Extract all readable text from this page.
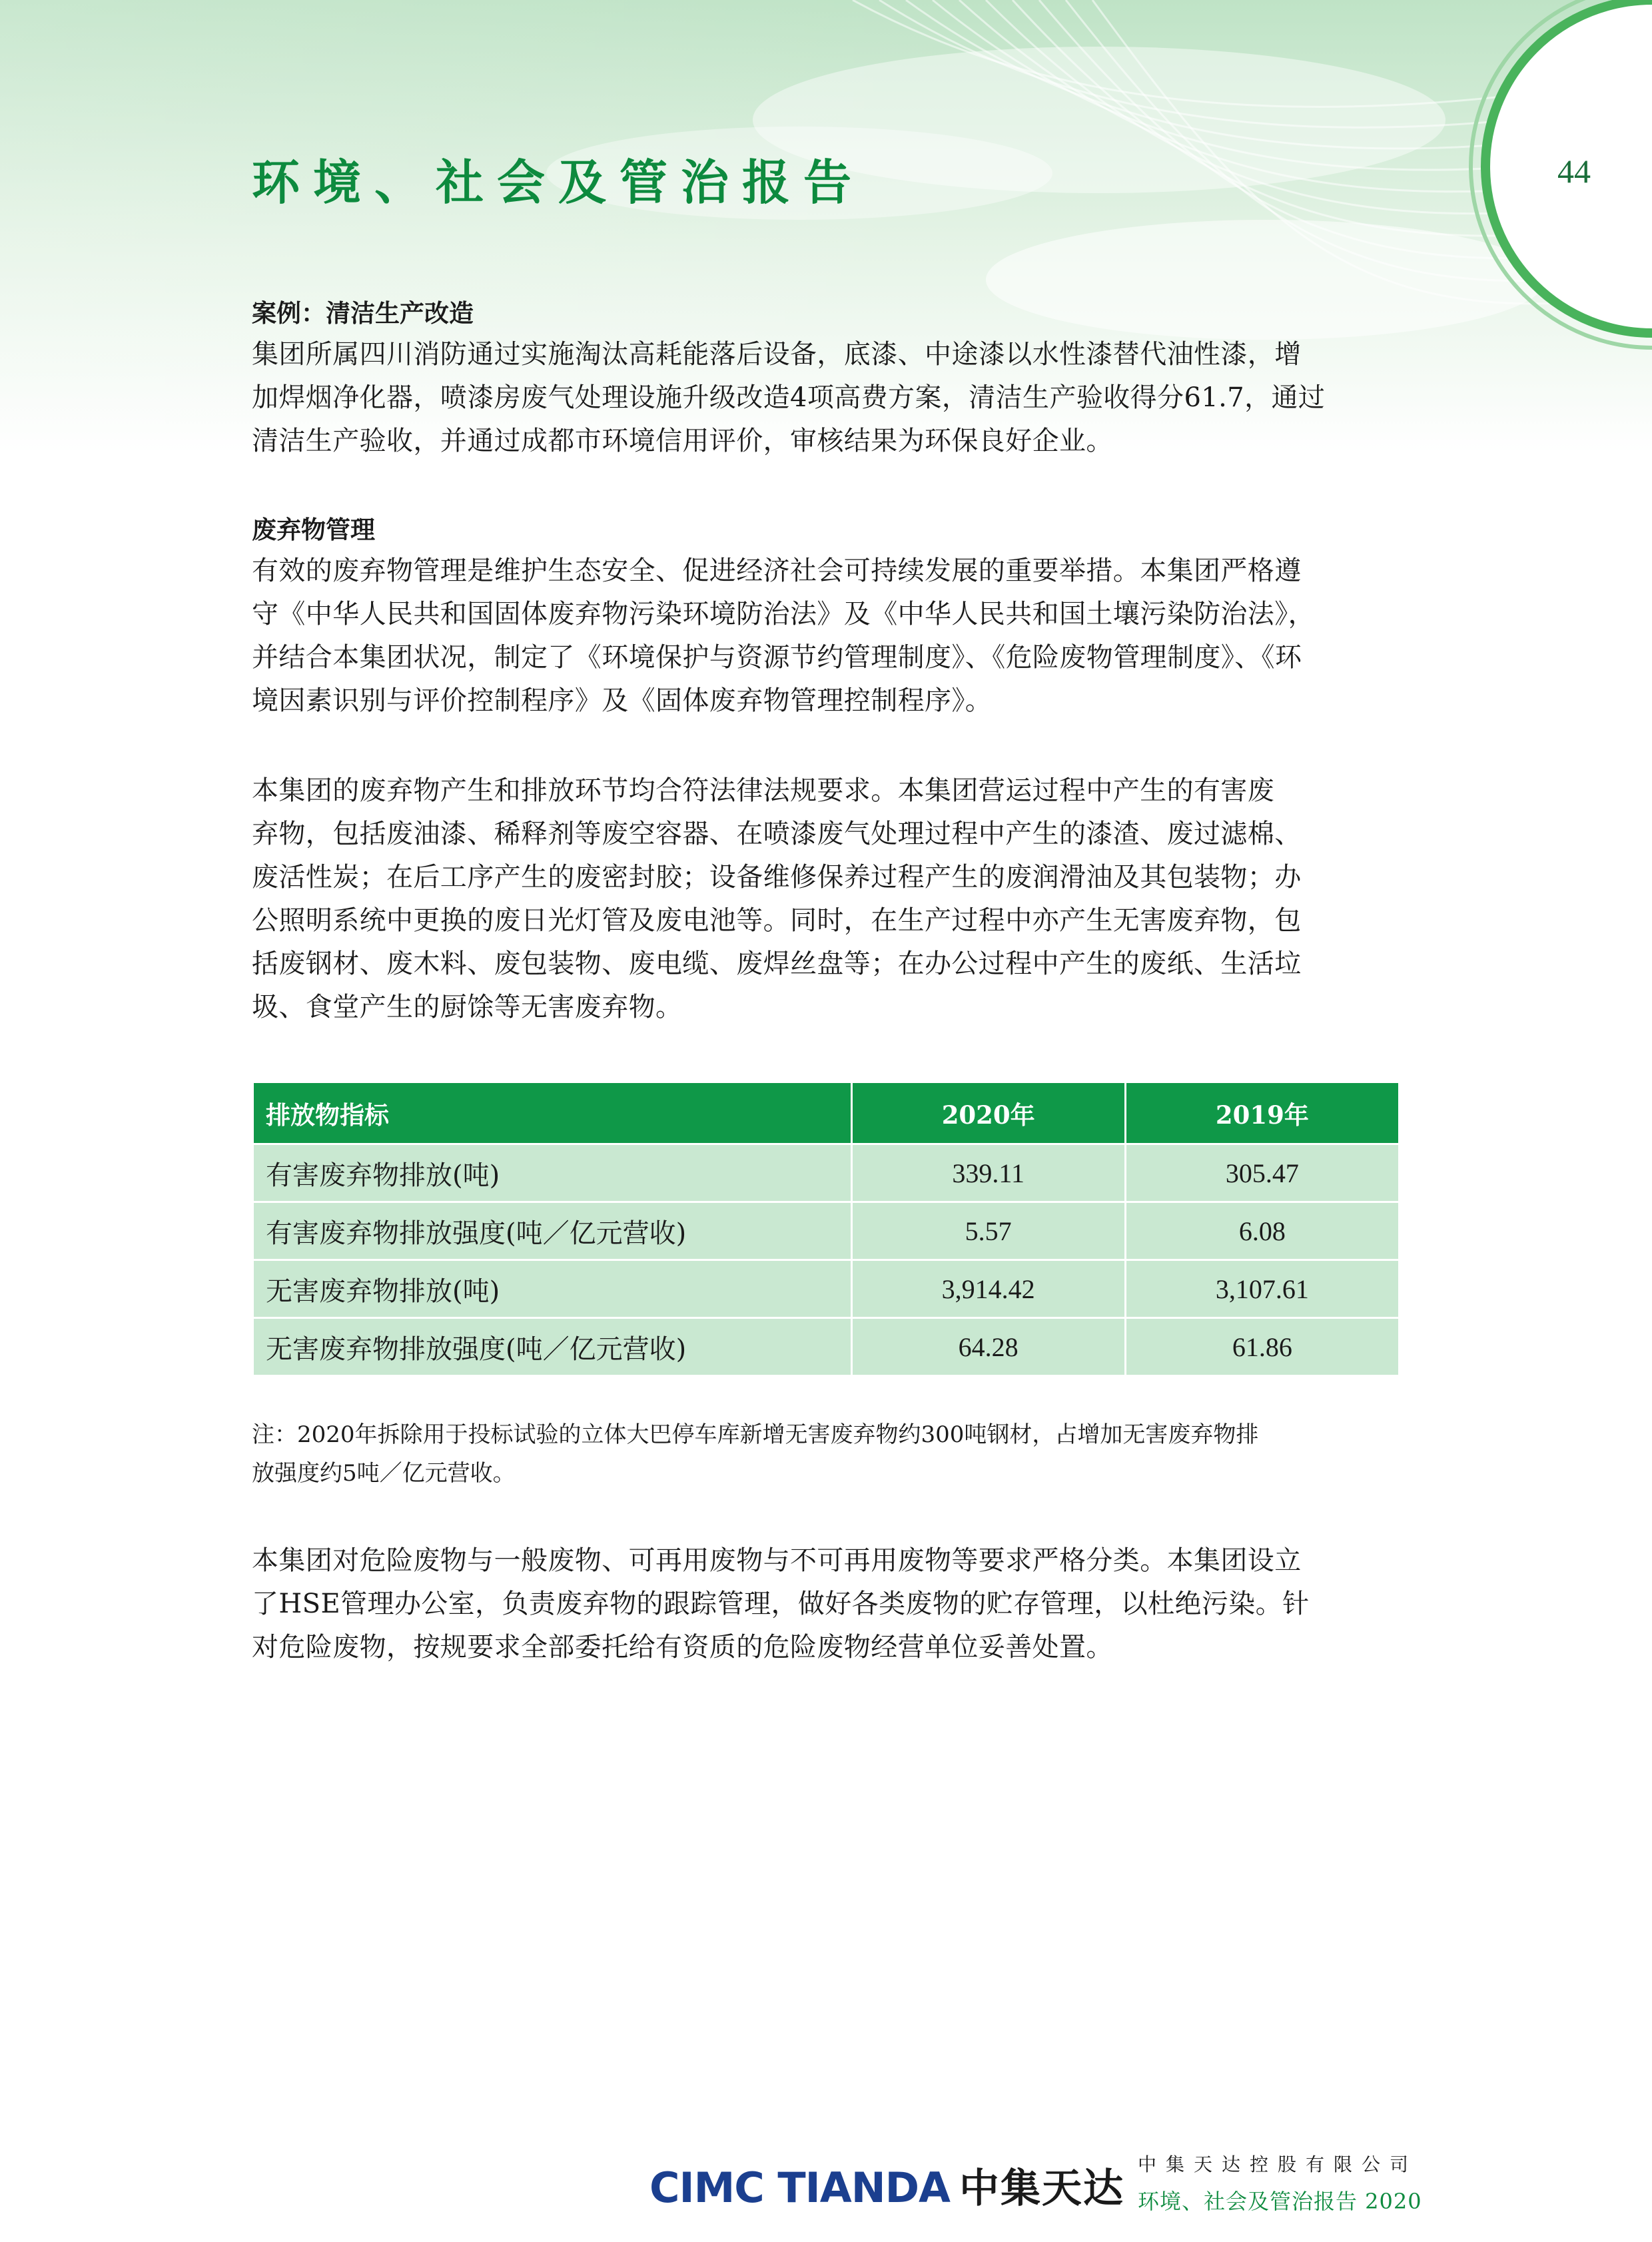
环境、社会及管治报告	44

案例：清洁生产改造

集团所属四川消防通过实施淘汰高耗能落后设备，底漆、中途漆以水性漆替代油性漆，增

加焊烟净化器，喷漆房废气处理设施升级改造4项高费方案，清洁生产验收得分61.7，通过

清洁生产验收，并通过成都市环境信用评价，审核结果为环保良好企业。

废弃物管理

有效的废弃物管理是维护生态安全、促进经济社会可持续发展的重要举措。本集团严格遵

守《中华人民共和国固体废弃物污染环境防治法》及《中华人民共和国土壤污染防治法》，

并结合本集团状况，制定了《环境保护与资源节约管理制度》、《危险废物管理制度》、《环

境因素识别与评价控制程序》及《固体废弃物管理控制程序》。

本集团的废弃物产生和排放环节均合符法律法规要求。本集团营运过程中产生的有害废

弃物，包括废油漆、稀释剂等废空容器、在喷漆废气处理过程中产生的漆渣、废过滤棉、

废活性炭；在后工序产生的废密封胶；设备维修保养过程产生的废润滑油及其包装物；办

公照明系统中更换的废日光灯管及废电池等。同时，在生产过程中亦产生无害废弃物，包

括废钢材、废木料、废包装物、废电缆、废焊丝盘等；在办公过程中产生的废纸、生活垃

圾、食堂产生的厨馀等无害废弃物。

排放物指标	2020年	2019年
有害废弃物排放(吨)	339.11	305.47
有害废弃物排放强度(吨／亿元营收)	5.57	6.08
无害废弃物排放(吨)	3,914.42	3,107.61
无害废弃物排放强度(吨／亿元营收)	64.28	61.86
注：2020年拆除用于投标试验的立体大巴停车库新增无害废弃物约300吨钢材，占增加无害废弃物排
放强度约5吨／亿元营收。

本集团对危险废物与一般废物、可再用废物与不可再用废物等要求严格分类。本集团设立

了HSE管理办公室，负责废弃物的跟踪管理，做好各类废物的贮存管理，以杜绝污染。针

对危险废物，按规要求全部委托给有资质的危险废物经营单位妥善处置。

CIMC TIANDA 中集天达
中集天达控股有限公司
环境、社会及管治报告 2020
